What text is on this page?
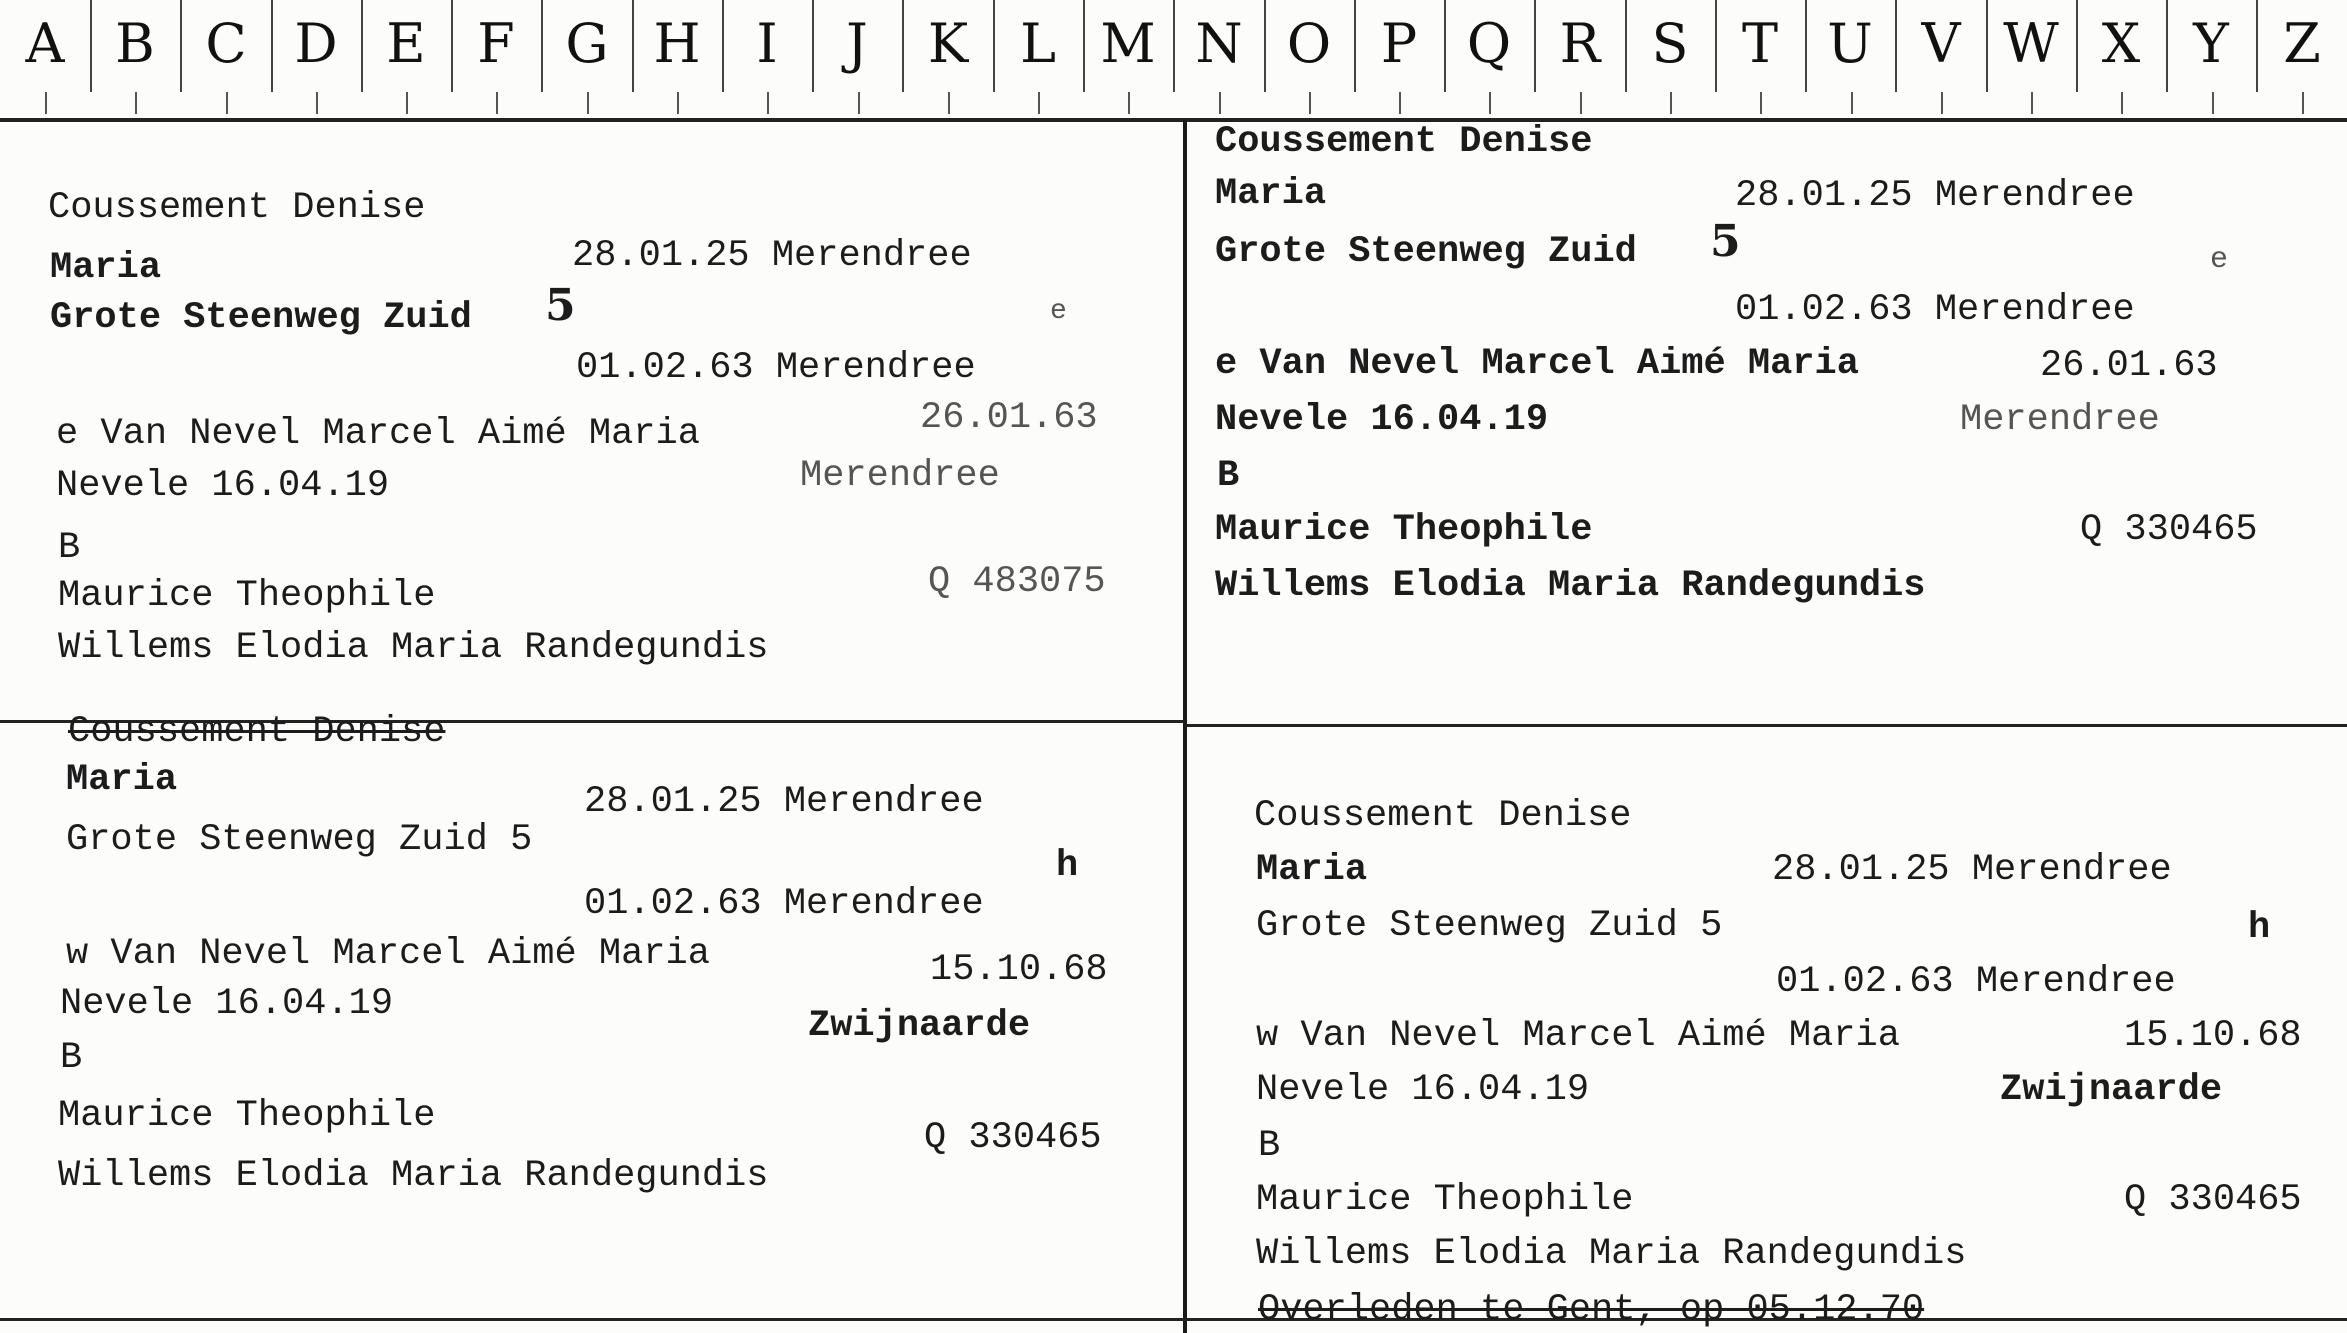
A B C D E F G H	I	J	K L M N O P Q R S T U V W X Y	Z
Coussement Denise
Maria	28.01.25 Merendree
Grote Steenweg Zuid 5	e
01.02.63 Merendree
e Van Nevel Marcel Aimé Maria	26.01.63
Nevele 16.04.19	Merendree
B
Maurice Theophile	Q 483075
Willems Elodia Maria Randegundis
Coussement Denise
Maria	28.01.25 Merendree
Grote Steenweg Zuid 5	e
01.02.63 Merendree
e Van Nevel Marcel Aimé Maria	26.01.63
Nevele 16.04.19	Merendree
B
Maurice Theophile	Q 330465
Willems Elodia Maria Randegundis
Coussement Denise
Maria
28.01.25 Merendree
Grote Steenweg Zuid 5
h
01.02.63 Merendree
w Van Nevel Marcel Aimé Maria	15.10.68
Nevele 16.04.19
Zwijnaarde
B
Maurice Theophile
Q 330465
Willems Elodia Maria Randegundis
Coussement Denise
Maria	28.01.25 Merendree
Grote Steenweg Zuid 5	h
01.02.63 Merendree
w Van Nevel Marcel Aimé Maria	15.10.68
Nevele 16.04.19	Zwijnaarde
B
Maurice Theophile	Q 330465
Willems Elodia Maria Randegundis
Overleden te Gent, op 05.12.70
